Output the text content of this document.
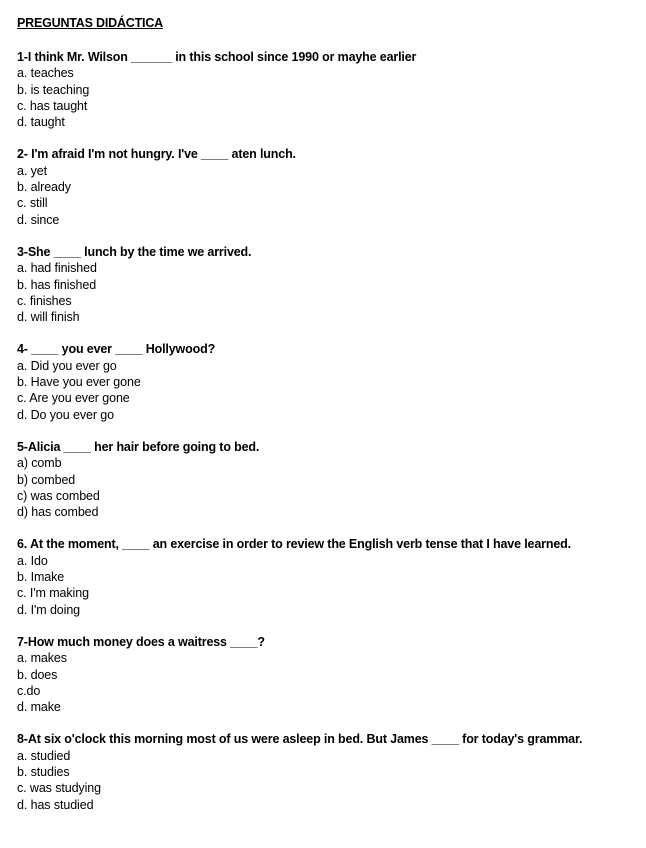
PREGUNTAS DIDÁCTICA
1-I think Mr. Wilson ______ in this school since 1990 or mayhe earlier
a. teaches
b. is teaching
c. has taught
d. taught
2- I'm afraid I'm not hungry. I've ____ aten lunch.
a. yet
b. already
c. still
d. since
3-She ____ lunch by the time we arrived.
a. had finished
b. has finished
c. finishes
d. will finish
4- ____ you ever ____ Hollywood?
a. Did you ever go
b. Have you ever gone
c. Are you ever gone
d. Do you ever go
5-Alicia ____ her hair before going to bed.
a) comb
b) combed
c) was combed
d) has combed
6. At the moment, ____ an exercise in order to review the English verb tense that I have learned.
a. Ido
b. Imake
c. I'm making
d. I'm doing
7-How much money does a waitress ____?
a. makes
b. does
c.do
d. make
8-At six o'clock this morning most of us were asleep in bed. But James ____ for today's grammar.
a. studied
b. studies
c. was studying
d. has studied
